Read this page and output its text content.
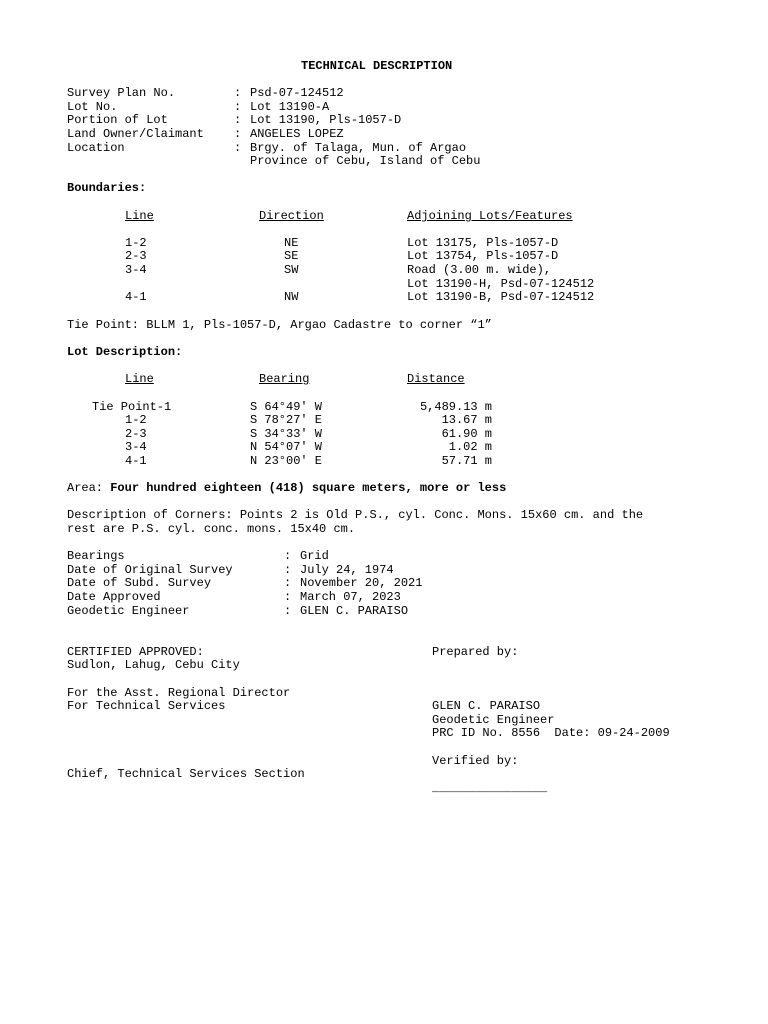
TECHNICAL DESCRIPTION
Survey Plan No.	: Psd-07-124512
Lot No.	: Lot 13190-A
Portion of Lot	: Lot 13190, Pls-1057-D
Land Owner/Claimant	: ANGELES LOPEZ
Location	: Brgy. of Talaga, Mun. of Argao
Province of Cebu, Island of Cebu
Boundaries:
Line	Direction	Adjoining Lots/Features
1-2	NE	Lot 13175, Pls-1057-D
2-3	SE	Lot 13754, Pls-1057-D
3-4	SW	Road (3.00 m. wide),
Lot 13190-H, Psd-07-124512
4-1	NW	Lot 13190-B, Psd-07-124512
Tie Point: BLLM 1, Pls-1057-D, Argao Cadastre to corner “1”
Lot Description:
Line	Bearing	Distance
Tie Point-1	S 64°49' W	5,489.13 m
1-2	S 78°27' E	13.67 m
2-3	S 34°33' W	61.90 m
3-4	N 54°07' W	1.02 m
4-1	N 23°00' E	57.71 m
Area: Four hundred eighteen (418) square meters, more or less
Description of Corners: Points 2 is Old P.S., cyl. Conc. Mons. 15x60 cm. and the
rest are P.S. cyl. conc. mons. 15x40 cm.
Bearings	: Grid
Date of Original Survey	: July 24, 1974
Date of Subd. Survey	: November 20, 2021
Date Approved	: March 07, 2023
Geodetic Engineer	: GLEN C. PARAISO
CERTIFIED APPROVED:
Sudlon, Lahug, Cebu City
For the Asst. Regional Director
For Technical Services
Chief, Technical Services Section
Prepared by:
GLEN C. PARAISO
Geodetic Engineer
PRC ID No. 8556  Date: 09-24-2009
Verified by:
________________
